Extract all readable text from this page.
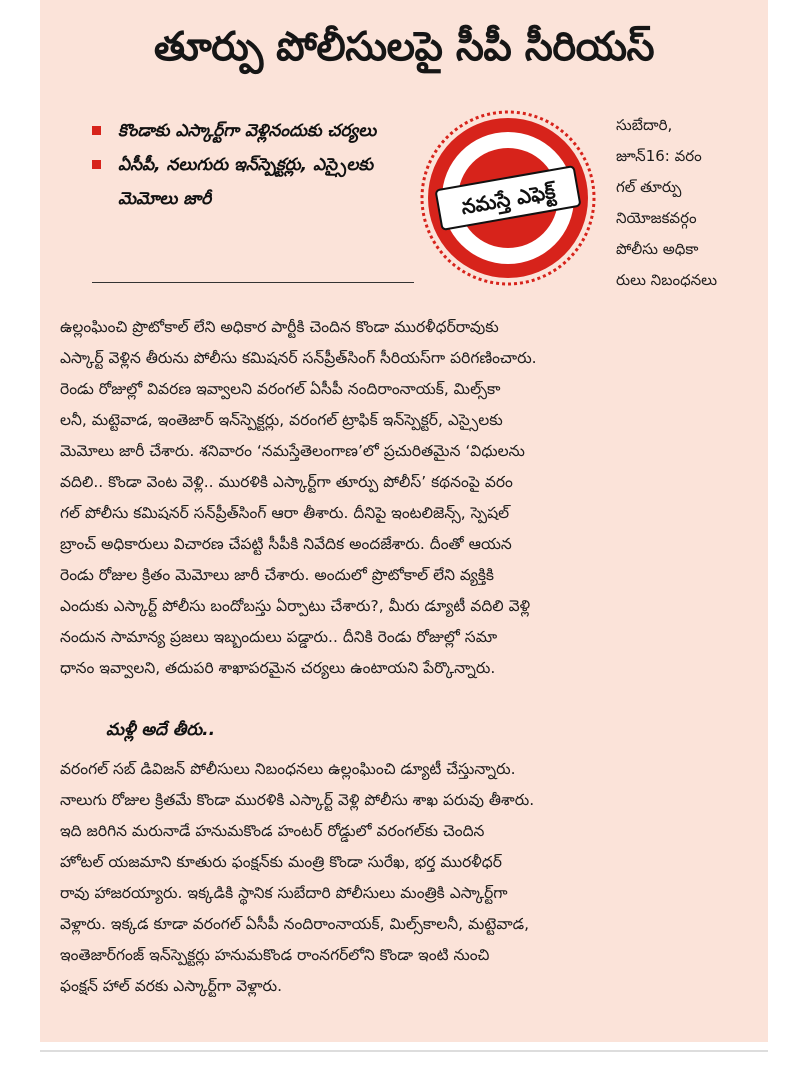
తూర్పు పోలీసులపై సీపీ సీరియస్
కొండాకు ఎస్కార్ట్‌గా వెళ్లినందుకు చర్యలు
ఏసీపీ, నలుగురు ఇన్‌స్పెక్టర్లు, ఎస్సైలకు మెమోలు జారీ	నమస్తే ఎఫెక్ట్
సుబేదారి,
జూన్16: వరం
గల్ తూర్పు
నియోజకవర్గం
పోలీసు అధికా
రులు నిబంధనలు
ఉల్లంఘించి ప్రొటోకాల్ లేని అధికార పార్టీకి చెందిన కొండా మురళీధర్‌రావుకు
ఎస్కార్ట్ వెళ్లిన తీరును పోలీసు కమిషనర్ సన్‌ప్రీత్‌సింగ్ సీరియస్‌గా పరిగణించారు.
రెండు రోజుల్లో వివరణ ఇవ్వాలని వరంగల్ ఏసీపీ నందిరాంనాయక్, మిల్స్‌కా
లనీ, మట్టెవాడ, ఇంతెజార్ ఇన్‌స్పెక్టర్లు, వరంగల్ ట్రాఫిక్ ఇన్‌స్పెక్టర్, ఎస్సైలకు
మెమోలు జారీ చేశారు. శనివారం ‘నమస్తేతెలంగాణ’లో ప్రచురితమైన ‘విధులను
వదిలి.. కొండా వెంట వెళ్లి.. మురళికి ఎస్కార్ట్‌గా తూర్పు పోలీస్’ కథనంపై వరం
గల్ పోలీసు కమిషనర్ సన్‌ప్రీత్‌సింగ్ ఆరా తీశారు. దీనిపై ఇంటలిజెన్స్, స్పెషల్
బ్రాంచ్ అధికారులు విచారణ చేపట్టి సీపీకి నివేదిక అందజేశారు. దీంతో ఆయన
రెండు రోజుల క్రితం మెమోలు జారీ చేశారు. అందులో ప్రొటోకాల్ లేని వ్యక్తికి
ఎందుకు ఎస్కార్ట్ పోలీసు బందోబస్తు ఏర్పాటు చేశారు?, మీరు డ్యూటీ వదిలి వెళ్లి
నందున సామాన్య ప్రజలు ఇబ్బందులు పడ్డారు.. దీనికి రెండు రోజుల్లో సమా
ధానం ఇవ్వాలని, తదుపరి శాఖాపరమైన చర్యలు ఉంటాయని పేర్కొన్నారు.
మళ్లీ అదే తీరు..
వరంగల్ సబ్ డివిజన్ పోలీసులు నిబంధనలు ఉల్లంఘించి డ్యూటీ చేస్తున్నారు.
నాలుగు రోజుల క్రితమే కొండా మురళికి ఎస్కార్ట్ వెళ్లి పోలీసు శాఖ పరువు తీశారు.
ఇది జరిగిన మరునాడే హనుమకొండ హంటర్ రోడ్డులో వరంగల్‌కు చెందిన
హోటల్ యజమాని కూతురు ఫంక్షన్‌కు మంత్రి కొండా సురేఖ, భర్త మురళీధర్
రావు హాజరయ్యారు. ఇక్కడికి స్థానిక సుబేదారి పోలీసులు మంత్రికి ఎస్కార్ట్‌గా
వెళ్లారు. ఇక్కడ కూడా వరంగల్ ఏసీపీ నందిరాంనాయక్, మిల్స్‌కాలనీ, మట్టెవాడ,
ఇంతెజార్‌గంజ్ ఇన్‌స్పెక్టర్లు హనుమకొండ రాంనగర్‌లోని కొండా ఇంటి నుంచి
ఫంక్షన్ హాల్ వరకు ఎస్కార్ట్‌గా వెళ్లారు.
